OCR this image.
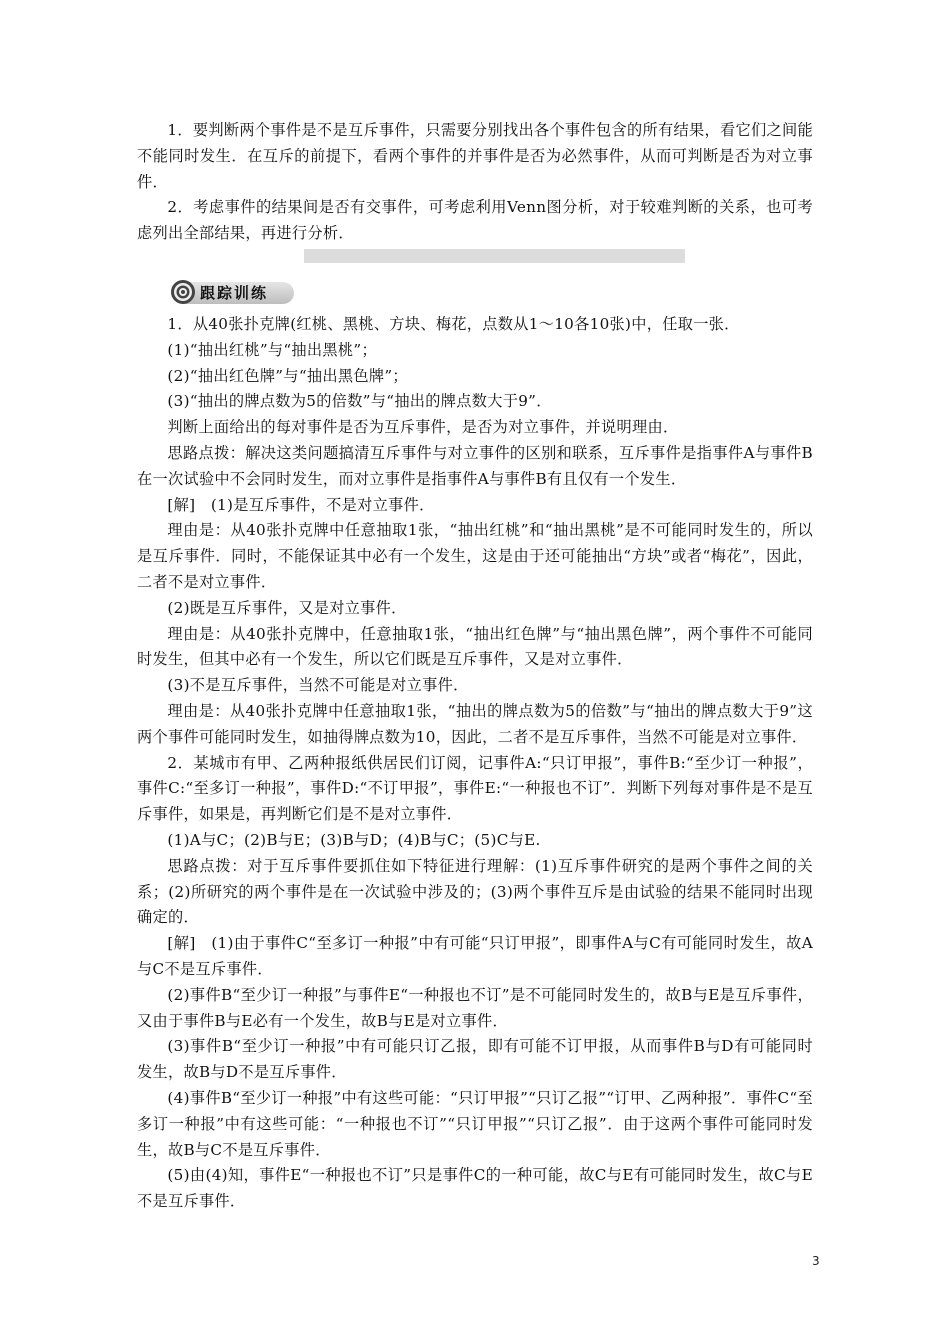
1．要判断两个事件是不是互斥事件，只需要分别找出各个事件包含的所有结果，看它们之间能不能同时发生．在互斥的前提下，看两个事件的并事件是否为必然事件，从而可判断是否为对立事件．

2．考虑事件的结果间是否有交事件，可考虑利用Venn图分析，对于较难判断的关系，也可考虑列出全部结果，再进行分析．

跟踪训练

1．从40张扑克牌(红桃、黑桃、方块、梅花，点数从1～10各10张)中，任取一张．

(1)“抽出红桃”与“抽出黑桃”；

(2)“抽出红色牌”与“抽出黑色牌”；

(3)“抽出的牌点数为5的倍数”与“抽出的牌点数大于9”．

判断上面给出的每对事件是否为互斥事件，是否为对立事件，并说明理由．

思路点拨：解决这类问题搞清互斥事件与对立事件的区别和联系，互斥事件是指事件A与事件B在一次试验中不会同时发生，而对立事件是指事件A与事件B有且仅有一个发生．

[解]　(1)是互斥事件，不是对立事件．

理由是：从40张扑克牌中任意抽取1张，“抽出红桃”和“抽出黑桃”是不可能同时发生的，所以是互斥事件．同时，不能保证其中必有一个发生，这是由于还可能抽出“方块”或者“梅花”，因此，二者不是对立事件．

(2)既是互斥事件，又是对立事件．

理由是：从40张扑克牌中，任意抽取1张，“抽出红色牌”与“抽出黑色牌”，两个事件不可能同时发生，但其中必有一个发生，所以它们既是互斥事件，又是对立事件．

(3)不是互斥事件，当然不可能是对立事件．

理由是：从40张扑克牌中任意抽取1张，“抽出的牌点数为5的倍数”与“抽出的牌点数大于9”这两个事件可能同时发生，如抽得牌点数为10，因此，二者不是互斥事件，当然不可能是对立事件．

2．某城市有甲、乙两种报纸供居民们订阅，记事件A:“只订甲报”，事件B:“至少订一种报”，事件C:“至多订一种报”，事件D:“不订甲报”，事件E:“一种报也不订”．判断下列每对事件是不是互斥事件，如果是，再判断它们是不是对立事件．

(1)A与C；(2)B与E；(3)B与D；(4)B与C；(5)C与E.

思路点拨：对于互斥事件要抓住如下特征进行理解：(1)互斥事件研究的是两个事件之间的关系；(2)所研究的两个事件是在一次试验中涉及的；(3)两个事件互斥是由试验的结果不能同时出现确定的．

[解]　(1)由于事件C“至多订一种报”中有可能“只订甲报”，即事件A与C有可能同时发生，故A与C不是互斥事件．

(2)事件B“至少订一种报”与事件E“一种报也不订”是不可能同时发生的，故B与E是互斥事件，又由于事件B与E必有一个发生，故B与E是对立事件．

(3)事件B“至少订一种报”中有可能只订乙报，即有可能不订甲报，从而事件B与D有可能同时发生，故B与D不是互斥事件．

(4)事件B“至少订一种报”中有这些可能：“只订甲报”“只订乙报”“订甲、乙两种报”．事件C“至多订一种报”中有这些可能：“一种报也不订”“只订甲报”“只订乙报”．由于这两个事件可能同时发生，故B与C不是互斥事件．

(5)由(4)知，事件E“一种报也不订”只是事件C的一种可能，故C与E有可能同时发生，故C与E不是互斥事件．

3
